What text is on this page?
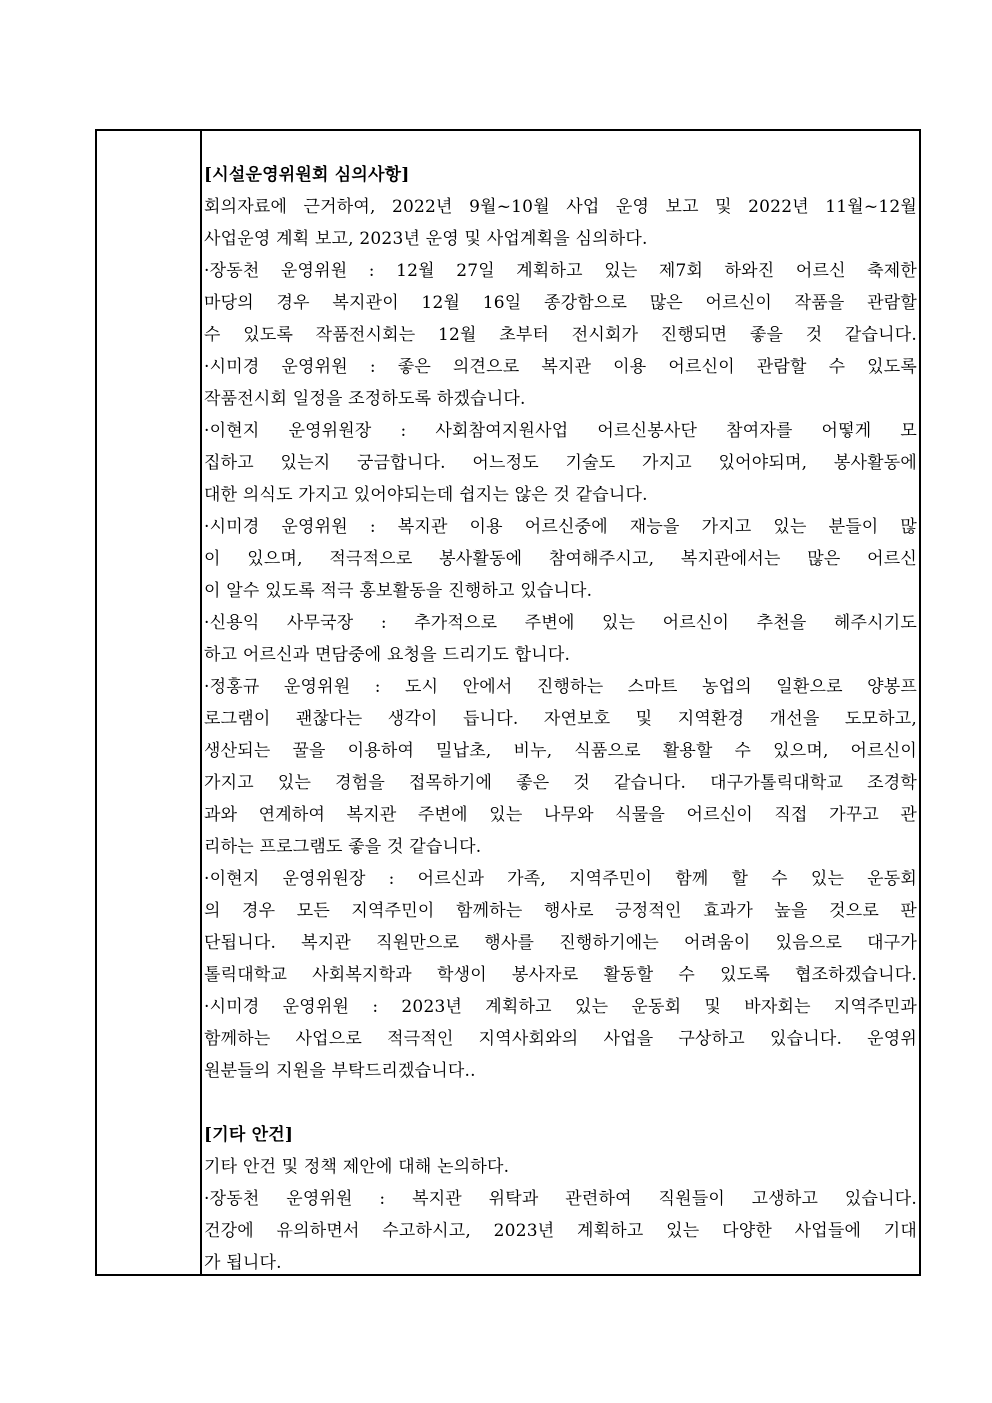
[시설운영위원회 심의사항]
회의자료에 근거하여, 2022년 9월~10월 사업 운영 보고 및 2022년 11월~12월
사업운영 계획 보고, 2023년 운영 및 사업계획을 심의하다.
·장동천 운영위원 : 12월 27일 계획하고 있는 제7회 하와진 어르신 축제한
마당의 경우 복지관이 12월 16일 종강함으로 많은 어르신이 작품을 관람할
수 있도록 작품전시회는 12월 초부터 전시회가 진행되면 좋을 것 같습니다.
·시미경 운영위원 : 좋은 의견으로 복지관 이용 어르신이 관람할 수 있도록
작품전시회 일정을 조정하도록 하겠습니다.
·이현지 운영위원장 : 사회참여지원사업 어르신봉사단 참여자를 어떻게 모
집하고 있는지 궁금합니다. 어느정도 기술도 가지고 있어야되며, 봉사활동에
대한 의식도 가지고 있어야되는데 쉽지는 않은 것 같습니다.
·시미경 운영위원 : 복지관 이용 어르신중에 재능을 가지고 있는 분들이 많
이 있으며, 적극적으로 봉사활동에 참여해주시고, 복지관에서는 많은 어르신
이 알수 있도록 적극 홍보활동을 진행하고 있습니다.
·신용익 사무국장 : 추가적으로 주변에 있는 어르신이 추천을 헤주시기도
하고 어르신과 면담중에 요청을 드리기도 합니다.
·정홍규 운영위원 : 도시 안에서 진행하는 스마트 농업의 일환으로 양봉프
로그램이 괜찮다는 생각이 듭니다. 자연보호 및 지역환경 개선을 도모하고,
생산되는 꿀을 이용하여 밀납초, 비누, 식품으로 활용할 수 있으며, 어르신이
가지고 있는 경험을 접목하기에 좋은 것 같습니다. 대구가톨릭대학교 조경학
과와 연계하여 복지관 주변에 있는 나무와 식물을 어르신이 직접 가꾸고 관
리하는 프로그램도 좋을 것 같습니다.
·이현지 운영위원장 : 어르신과 가족, 지역주민이 함께 할 수 있는 운동회
의 경우 모든 지역주민이 함께하는 행사로 긍정적인 효과가 높을 것으로 판
단됩니다. 복지관 직원만으로 행사를 진행하기에는 어려움이 있음으로 대구가
톨릭대학교 사회복지학과 학생이 봉사자로 활동할 수 있도록 협조하겠습니다.
·시미경 운영위원 : 2023년 계획하고 있는 운동회 및 바자회는 지역주민과
함께하는 사업으로 적극적인 지역사회와의 사업을 구상하고 있습니다. 운영위
원분들의 지원을 부탁드리겠습니다..
[기타 안건]
기타 안건 및 정책 제안에 대해 논의하다.
·장동천 운영위원 : 복지관 위탁과 관련하여 직원들이 고생하고 있습니다.
건강에 유의하면서 수고하시고, 2023년 계획하고 있는 다양한 사업들에 기대
가 됩니다.
